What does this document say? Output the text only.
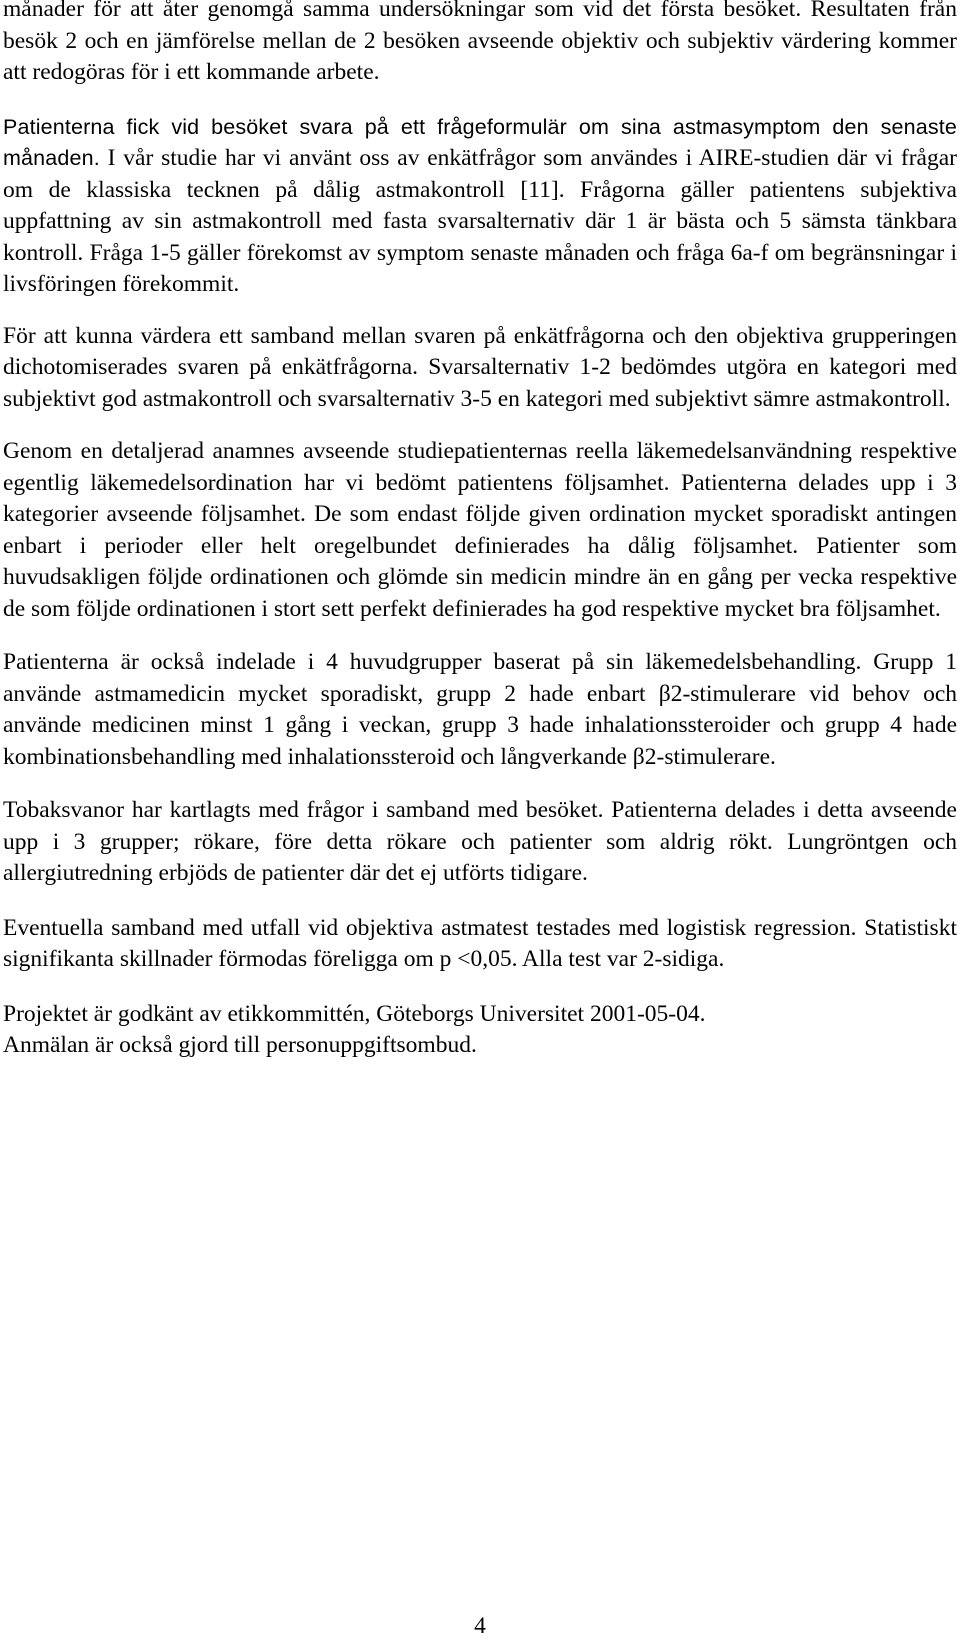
månader för att åter genomgå samma undersökningar som vid det första besöket. Resultaten från besök 2 och en jämförelse mellan de 2 besöken avseende objektiv och subjektiv värdering kommer att redogöras för i ett kommande arbete.

Patienterna fick vid besöket svara på ett frågeformulär om sina astmasymptom den senaste månaden. I vår studie har vi använt oss av enkätfrågor som användes i AIRE-studien där vi frågar om de klassiska tecknen på dålig astmakontroll [11]. Frågorna gäller patientens subjektiva uppfattning av sin astmakontroll med fasta svarsalternativ där 1 är bästa och 5 sämsta tänkbara kontroll. Fråga 1-5 gäller förekomst av symptom senaste månaden och fråga 6a-f om begränsningar i livsföringen förekommit.

För att kunna värdera ett samband mellan svaren på enkätfrågorna och den objektiva grupperingen dichotomiserades svaren på enkätfrågorna. Svarsalternativ 1-2 bedömdes utgöra en kategori med subjektivt god astmakontroll och svarsalternativ 3-5 en kategori med subjektivt sämre astmakontroll.

Genom en detaljerad anamnes avseende studiepatienternas reella läkemedelsanvändning respektive egentlig läkemedelsordination har vi bedömt patientens följsamhet. Patienterna delades upp i 3 kategorier avseende följsamhet. De som endast följde given ordination mycket sporadiskt antingen enbart i perioder eller helt oregelbundet definierades ha dålig följsamhet. Patienter som huvudsakligen följde ordinationen och glömde sin medicin mindre än en gång per vecka respektive de som följde ordinationen i stort sett perfekt definierades ha god respektive mycket bra följsamhet.

Patienterna är också indelade i 4 huvudgrupper baserat på sin läkemedelsbehandling. Grupp 1 använde astmamedicin mycket sporadiskt, grupp 2 hade enbart β2-stimulerare vid behov och använde medicinen minst 1 gång i veckan, grupp 3 hade inhalationssteroider och grupp 4 hade kombinationsbehandling med inhalationssteroid och långverkande β2-stimulerare.

Tobaksvanor har kartlagts med frågor i samband med besöket. Patienterna delades i detta avseende upp i 3 grupper; rökare, före detta rökare och patienter som aldrig rökt. Lungröntgen och allergiutredning erbjöds de patienter där det ej utförts tidigare.

Eventuella samband med utfall vid objektiva astmatest testades med logistisk regression. Statistiskt signifikanta skillnader förmodas föreligga om p <0,05. Alla test var 2-sidiga.

Projektet är godkänt av etikkommittén, Göteborgs Universitet 2001-05-04.
Anmälan är också gjord till personuppgiftsombud.

4
